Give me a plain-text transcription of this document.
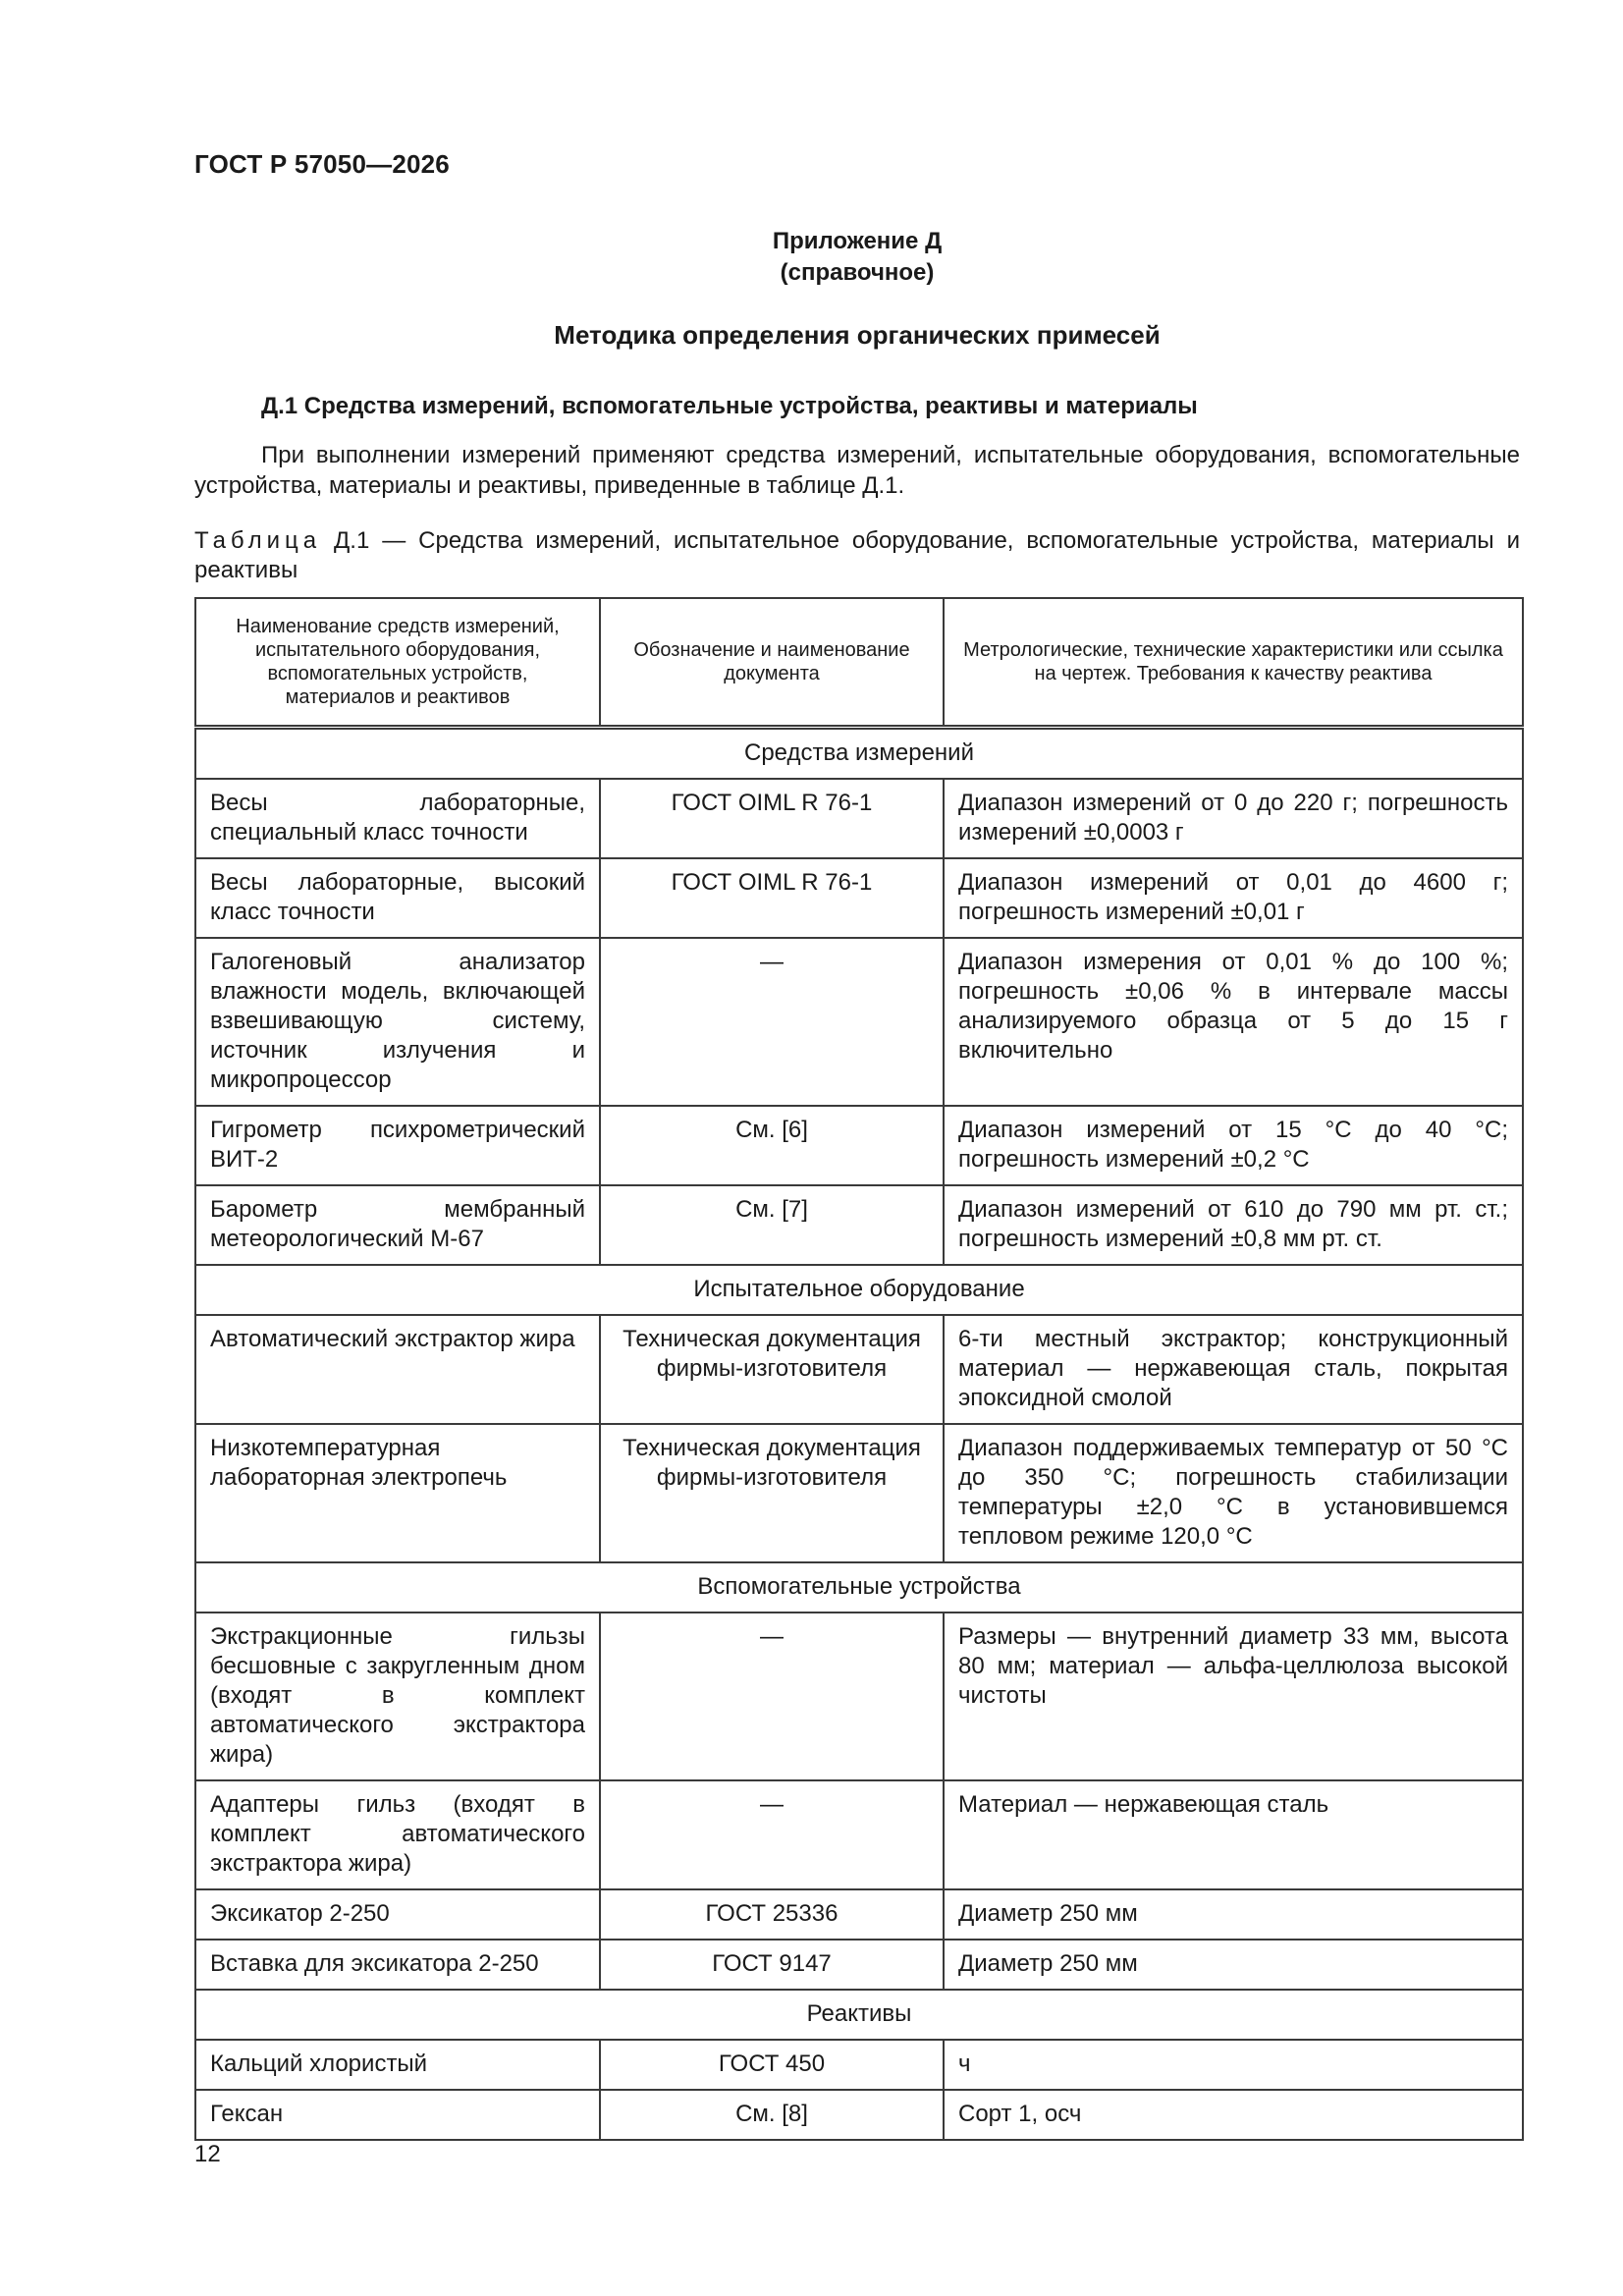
ГОСТ Р 57050—2026
Приложение Д
(справочное)
Методика определения органических примесей
Д.1 Средства измерений, вспомогательные устройства, реактивы и материалы
При выполнении измерений применяют средства измерений, испытательные оборудования, вспомогательные устройства, материалы и реактивы, приведенные в таблице Д.1.
Таблица Д.1 — Средства измерений, испытательное оборудование, вспомогательные устройства, материалы и реактивы
Наименование средств измерений, испытательного оборудования, вспомогательных устройств, материалов и реактивов	Обозначение и наименование документа	Метрологические, технические характеристики или ссылка на чертеж. Требования к качеству реактива
Средства измерений		
Весы лабораторные, специальный класс точности	ГОСТ OIML R 76-1	Диапазон измерений от 0 до 220 г; погрешность измерений ±0,0003 г
Весы лабораторные, высокий класс точности	ГОСТ OIML R 76-1	Диапазон измерений от 0,01 до 4600 г; погрешность измерений ±0,01 г
Галогеновый анализатор влажности модель, включающей взвешивающую систему, источник излучения и микропроцессор	—	Диапазон измерения от 0,01 % до 100 %; погрешность ±0,06 % в интервале массы анализируемого образца от 5 до 15 г включительно
Гигрометр психрометрический ВИТ-2	См. [6]	Диапазон измерений от 15 °С до 40 °С; погрешность измерений ±0,2 °С
Барометр мембранный метеорологический М-67	См. [7]	Диапазон измерений от 610 до 790 мм рт. ст.; погрешность измерений ±0,8 мм рт. ст.
Испытательное оборудование		
Автоматический экстрактор жира	Техническая документация фирмы-изготовителя	6-ти местный экстрактор; конструкционный материал — нержавеющая сталь, покрытая эпоксидной смолой
Низкотемпературная лабораторная электропечь	Техническая документация фирмы-изготовителя	Диапазон поддерживаемых температур от 50 °С до 350 °С; погрешность стабилизации температуры ±2,0 °С в установившемся тепловом режиме 120,0 °С
Вспомогательные устройства		
Экстракционные гильзы бесшовные с закругленным дном (входят в комплект автоматического экстрактора жира)	—	Размеры — внутренний диаметр 33 мм, высота 80 мм; материал — альфа-целлюлоза высокой чистоты
Адаптеры гильз (входят в комплект автоматического экстрактора жира)	—	Материал — нержавеющая сталь
Эксикатор 2-250	ГОСТ 25336	Диаметр 250 мм
Вставка для эксикатора 2-250	ГОСТ 9147	Диаметр 250 мм
Реактивы		
Кальций хлористый	ГОСТ 450	ч
Гексан	См. [8]	Сорт 1, осч
12
